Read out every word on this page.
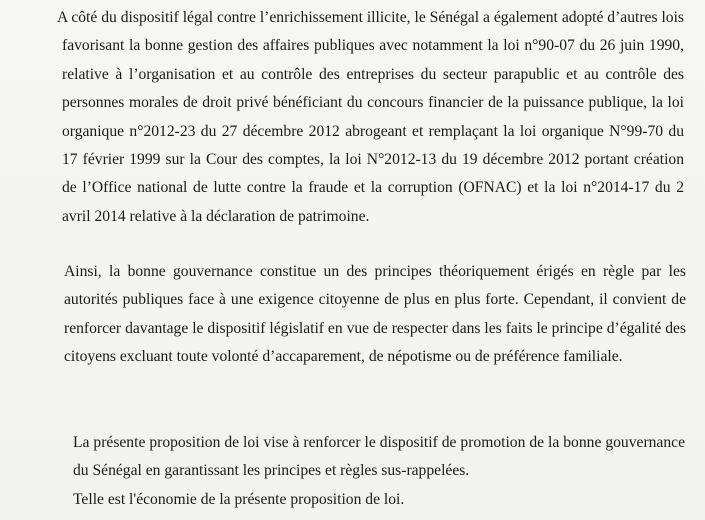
A côté du dispositif légal contre l’enrichissement illicite, le Sénégal a également adopté d’autres lois favorisant la bonne gestion des affaires publiques avec notamment la loi n°90-07 du 26 juin 1990, relative à l’organisation et au contrôle des entreprises du secteur parapublic et au contrôle des personnes morales de droit privé bénéficiant du concours financier de la puissance publique, la loi organique n°2012-23 du 27 décembre 2012 abrogeant et remplaçant la loi organique N°99-70 du 17 février 1999 sur la Cour des comptes, la loi N°2012-13 du 19 décembre 2012 portant création de l’Office national de lutte contre la fraude et la corruption (OFNAC) et la loi n°2014-17 du 2 avril 2014 relative à la déclaration de patrimoine.

Ainsi, la bonne gouvernance constitue un des principes théoriquement érigés en règle par les autorités publiques face à une exigence citoyenne de plus en plus forte. Cependant, il convient de renforcer davantage le dispositif législatif en vue de respecter dans les faits le principe d’égalité des citoyens excluant toute volonté d’accaparement, de népotisme ou de préférence familiale.

La présente proposition de loi vise à renforcer le dispositif de promotion de la bonne gouvernance du Sénégal en garantissant les principes et règles sus-rappelées.
Telle est l'économie de la présente proposition de loi.
